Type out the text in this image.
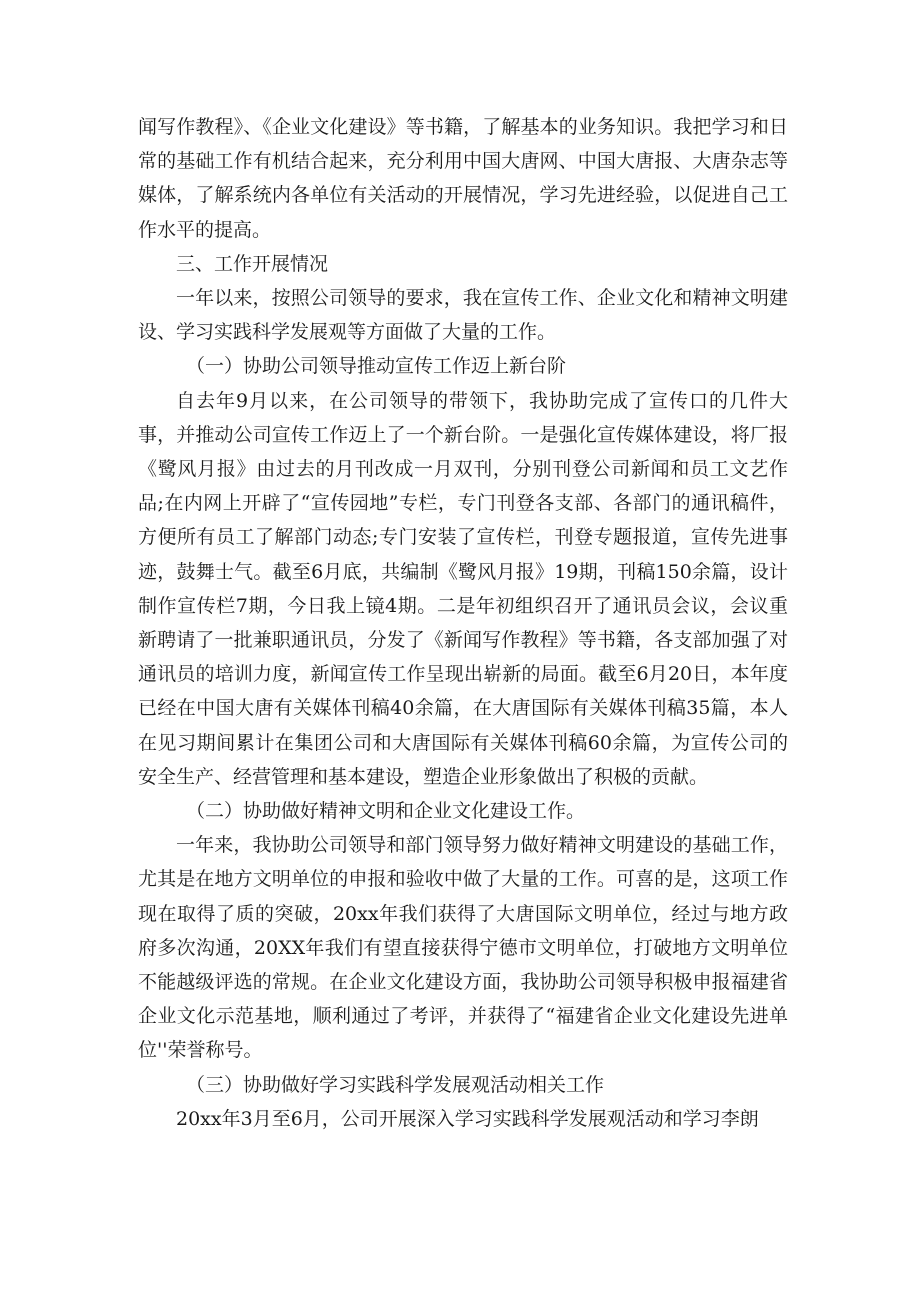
闻写作教程》、《企业文化建设》等书籍，了解基本的业务知识。我把学习和日常的基础工作有机结合起来，充分利用中国大唐网、中国大唐报、大唐杂志等媒体，了解系统内各单位有关活动的开展情况，学习先进经验，以促进自己工作水平的提高。

三、工作开展情况

一年以来，按照公司领导的要求，我在宣传工作、企业文化和精神文明建设、学习实践科学发展观等方面做了大量的工作。

（一）协助公司领导推动宣传工作迈上新台阶

自去年9月以来，在公司领导的带领下，我协助完成了宣传口的几件大事，并推动公司宣传工作迈上了一个新台阶。一是强化宣传媒体建设，将厂报《鹭风月报》由过去的月刊改成一月双刊，分别刊登公司新闻和员工文艺作品;在内网上开辟了“宣传园地”专栏，专门刊登各支部、各部门的通讯稿件，方便所有员工了解部门动态;专门安装了宣传栏，刊登专题报道，宣传先进事迹，鼓舞士气。截至6月底，共编制《鹭风月报》19期，刊稿150余篇，设计制作宣传栏7期，今日我上镜4期。二是年初组织召开了通讯员会议，会议重新聘请了一批兼职通讯员，分发了《新闻写作教程》等书籍，各支部加强了对通讯员的培训力度，新闻宣传工作呈现出崭新的局面。截至6月20日，本年度已经在中国大唐有关媒体刊稿40余篇，在大唐国际有关媒体刊稿35篇，本人在见习期间累计在集团公司和大唐国际有关媒体刊稿60余篇，为宣传公司的安全生产、经营管理和基本建设，塑造企业形象做出了积极的贡献。

（二）协助做好精神文明和企业文化建设工作。

一年来，我协助公司领导和部门领导努力做好精神文明建设的基础工作，尤其是在地方文明单位的申报和验收中做了大量的工作。可喜的是，这项工作现在取得了质的突破，20xx年我们获得了大唐国际文明单位，经过与地方政府多次沟通，20XX年我们有望直接获得宁德市文明单位，打破地方文明单位不能越级评选的常规。在企业文化建设方面，我协助公司领导积极申报福建省企业文化示范基地，顺利通过了考评，并获得了“福建省企业文化建设先进单位''荣誉称号。

（三）协助做好学习实践科学发展观活动相关工作

20xx年3月至6月，公司开展深入学习实践科学发展观活动和学习李朗
